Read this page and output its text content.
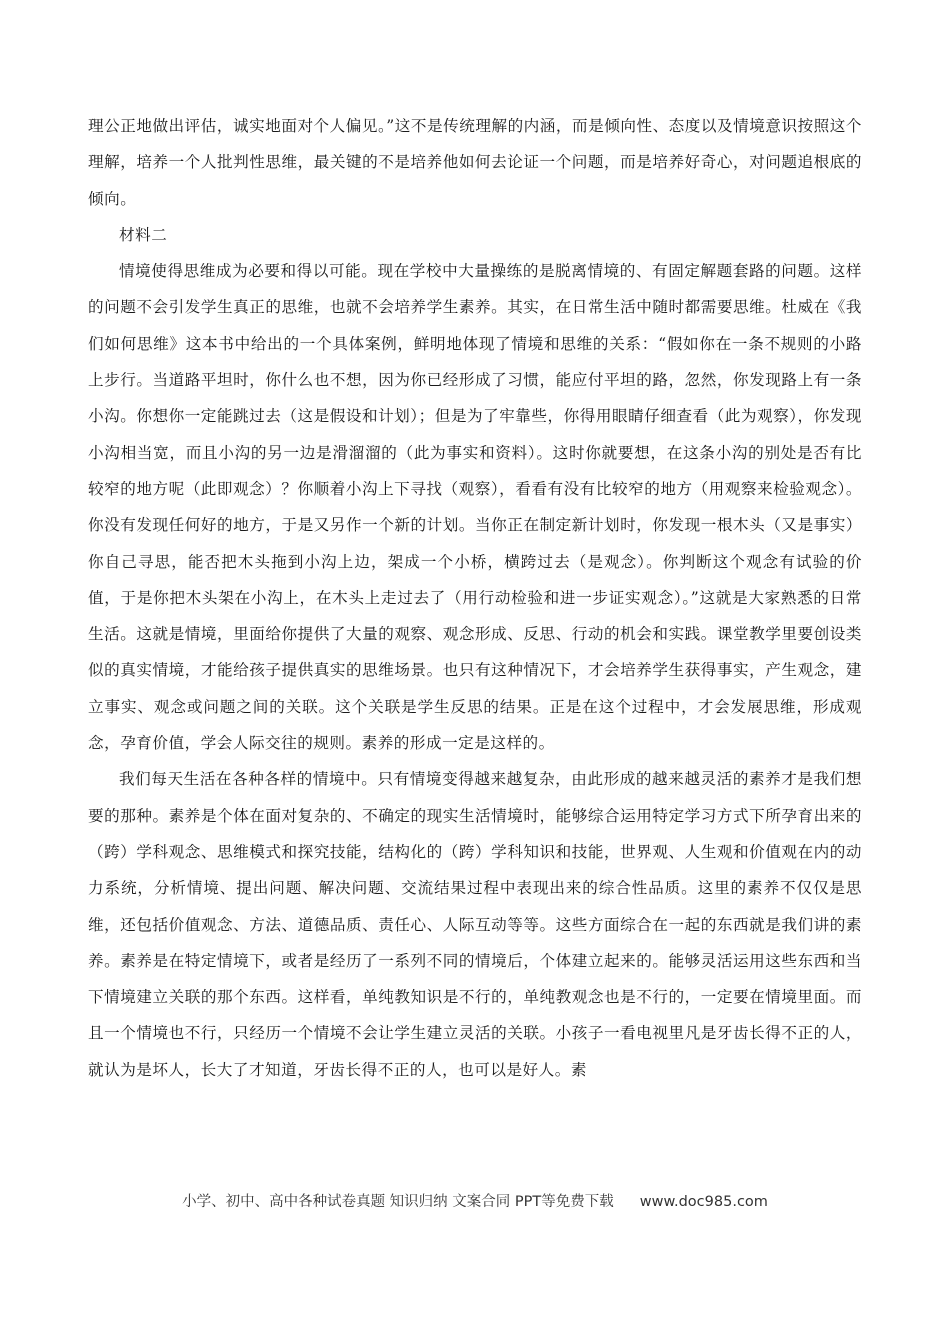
理公正地做出评估，诚实地面对个人偏见。”这不是传统理解的内涵，而是倾向性、态度以及情境意识按照这个理解，培养一个人批判性思维，最关键的不是培养他如何去论证一个问题，而是培养好奇心，对问题追根底的倾向。

材料二

情境使得思维成为必要和得以可能。现在学校中大量操练的是脱离情境的、有固定解题套路的问题。这样的问题不会引发学生真正的思维，也就不会培养学生素养。其实，在日常生活中随时都需要思维。杜威在《我们如何思维》这本书中给出的一个具体案例，鲜明地体现了情境和思维的关系：“假如你在一条不规则的小路上步行。当道路平坦时，你什么也不想，因为你已经形成了习惯，能应付平坦的路，忽然，你发现路上有一条小沟。你想你一定能跳过去（这是假设和计划）；但是为了牢靠些，你得用眼睛仔细查看（此为观察），你发现小沟相当宽，而且小沟的另一边是滑溜溜的（此为事实和资料）。这时你就要想，在这条小沟的别处是否有比较窄的地方呢（此即观念）？你顺着小沟上下寻找（观察），看看有没有比较窄的地方（用观察来检验观念）。你没有发现任何好的地方，于是又另作一个新的计划。当你正在制定新计划时，你发现一根木头（又是事实）你自己寻思，能否把木头拖到小沟上边，架成一个小桥，横跨过去（是观念）。你判断这个观念有试验的价值，于是你把木头架在小沟上，在木头上走过去了（用行动检验和进一步证实观念）。”这就是大家熟悉的日常生活。这就是情境，里面给你提供了大量的观察、观念形成、反思、行动的机会和实践。课堂教学里要创设类似的真实情境，才能给孩子提供真实的思维场景。也只有这种情况下，才会培养学生获得事实，产生观念，建立事实、观念或问题之间的关联。这个关联是学生反思的结果。正是在这个过程中，才会发展思维，形成观念，孕育价值，学会人际交往的规则。素养的形成一定是这样的。

我们每天生活在各种各样的情境中。只有情境变得越来越复杂，由此形成的越来越灵活的素养才是我们想要的那种。素养是个体在面对复杂的、不确定的现实生活情境时，能够综合运用特定学习方式下所孕育出来的（跨）学科观念、思维模式和探究技能，结构化的（跨）学科知识和技能，世界观、人生观和价值观在内的动力系统，分析情境、提出问题、解决问题、交流结果过程中表现出来的综合性品质。这里的素养不仅仅是思维，还包括价值观念、方法、道德品质、责任心、人际互动等等。这些方面综合在一起的东西就是我们讲的素养。素养是在特定情境下，或者是经历了一系列不同的情境后，个体建立起来的。能够灵活运用这些东西和当下情境建立关联的那个东西。这样看，单纯教知识是不行的，单纯教观念也是不行的，一定要在情境里面。而且一个情境也不行，只经历一个情境不会让学生建立灵活的关联。小孩子一看电视里凡是牙齿长得不正的人，就认为是坏人，长大了才知道，牙齿长得不正的人，也可以是好人。素

小学、初中、高中各种试卷真题 知识归纳 文案合同 PPT等免费下载 www.doc985.com
